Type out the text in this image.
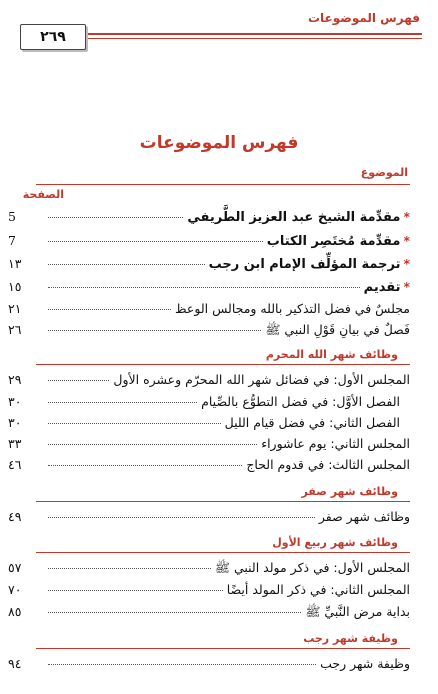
فهرس الموضوعات
٢٦٩
فهرس الموضوعات
الموضوع
الصفحة
*
مقدِّمة الشيخ عبد العزيز الطَّريفي
5
*
مقدِّمة مُختَصِر الكتاب
7
*
ترجمة المؤلِّف الإمام ابن رجب
١٣
*
تقديم
١٥
مجلسٌ في فضل التذكير بالله ومجالس الوعظ
٢١
فَصلٌ في بيانِ قَوْلِ النبي ﷺ
٢٦
وظائف شهر الله المحرم
المجلس الأول: في فضائل شهر الله المحرّم وعشره الأول
٢٩
الفصل الأوَّل: في فضل التطوُّع بالصِّيام
٣٠
الفصل الثاني: في فضل قيام الليل
٣٠
المجلس الثاني: يوم عاشوراء
٣٣
المجلس الثالث: في قدوم الحاج
٤٦
وظائف شهر صفر
وظائف شهر صفر
٤٩
وظائف شهر ربيع الأول
المجلس الأول: في ذكر مولد النبي ﷺ
٥٧
المجلس الثاني: في ذكر المولد أيضًا
٧٠
بداية مرض النَّبيِّ ﷺ
٨٥
وظيفة شهر رجب
وظيفة شهر رجب
٩٤
